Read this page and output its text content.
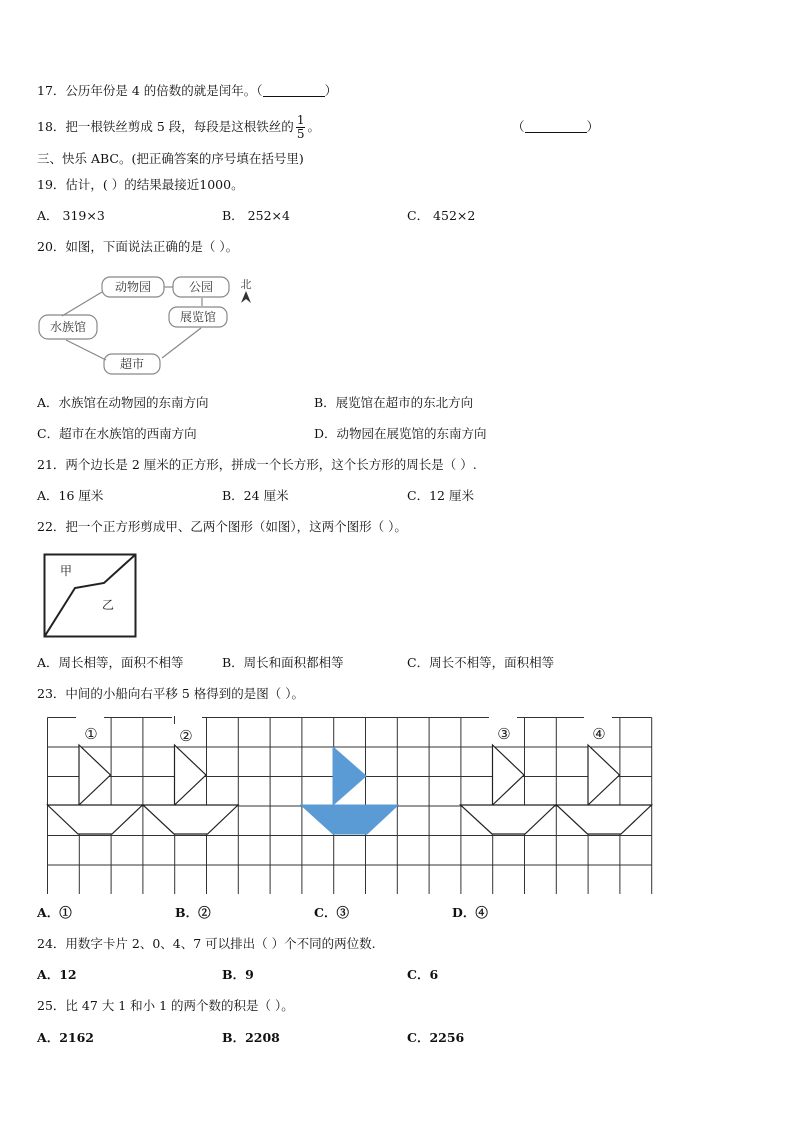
17．公历年份是 4 的倍数的就是闰年。（	）
18．把一根铁丝剪成 5 段，每段是这根铁丝的 $\frac{1}{5}$ 。	（	）
三、快乐 ABC。(把正确答案的序号填在括号里)
19．估计，( ）的结果最接近1000。
A． 319×3	B． 252×4	C． 452×2
20．如图，下面说法正确的是（ ）。
动物园	公园
展览馆
水族馆
超市
北
A．水族馆在动物园的东南方向	B．展览馆在超市的东北方向
C．超市在水族馆的西南方向	D．动物园在展览馆的东南方向
21．两个边长是 2 厘米的正方形，拼成一个长方形，这个长方形的周长是（ ）.
A．16 厘米	B．24 厘米	C．12 厘米
22．把一个正方形剪成甲、乙两个图形（如图），这两个图形（ ）。
甲
乙
A．周长相等，面积不相等	B．周长和面积都相等	C．周长不相等，面积相等
23．中间的小船向右平移 5 格得到的是图（ ）。
①	②	③	④
A．①	B．②	C．③	D．④
24．用数字卡片 2、0、4、7 可以排出（ ）个不同的两位数.
A．12	B．9	C．6
25．比 47 大 1 和小 1 的两个数的积是（ ）。
A．2162	B．2208	C．2256
